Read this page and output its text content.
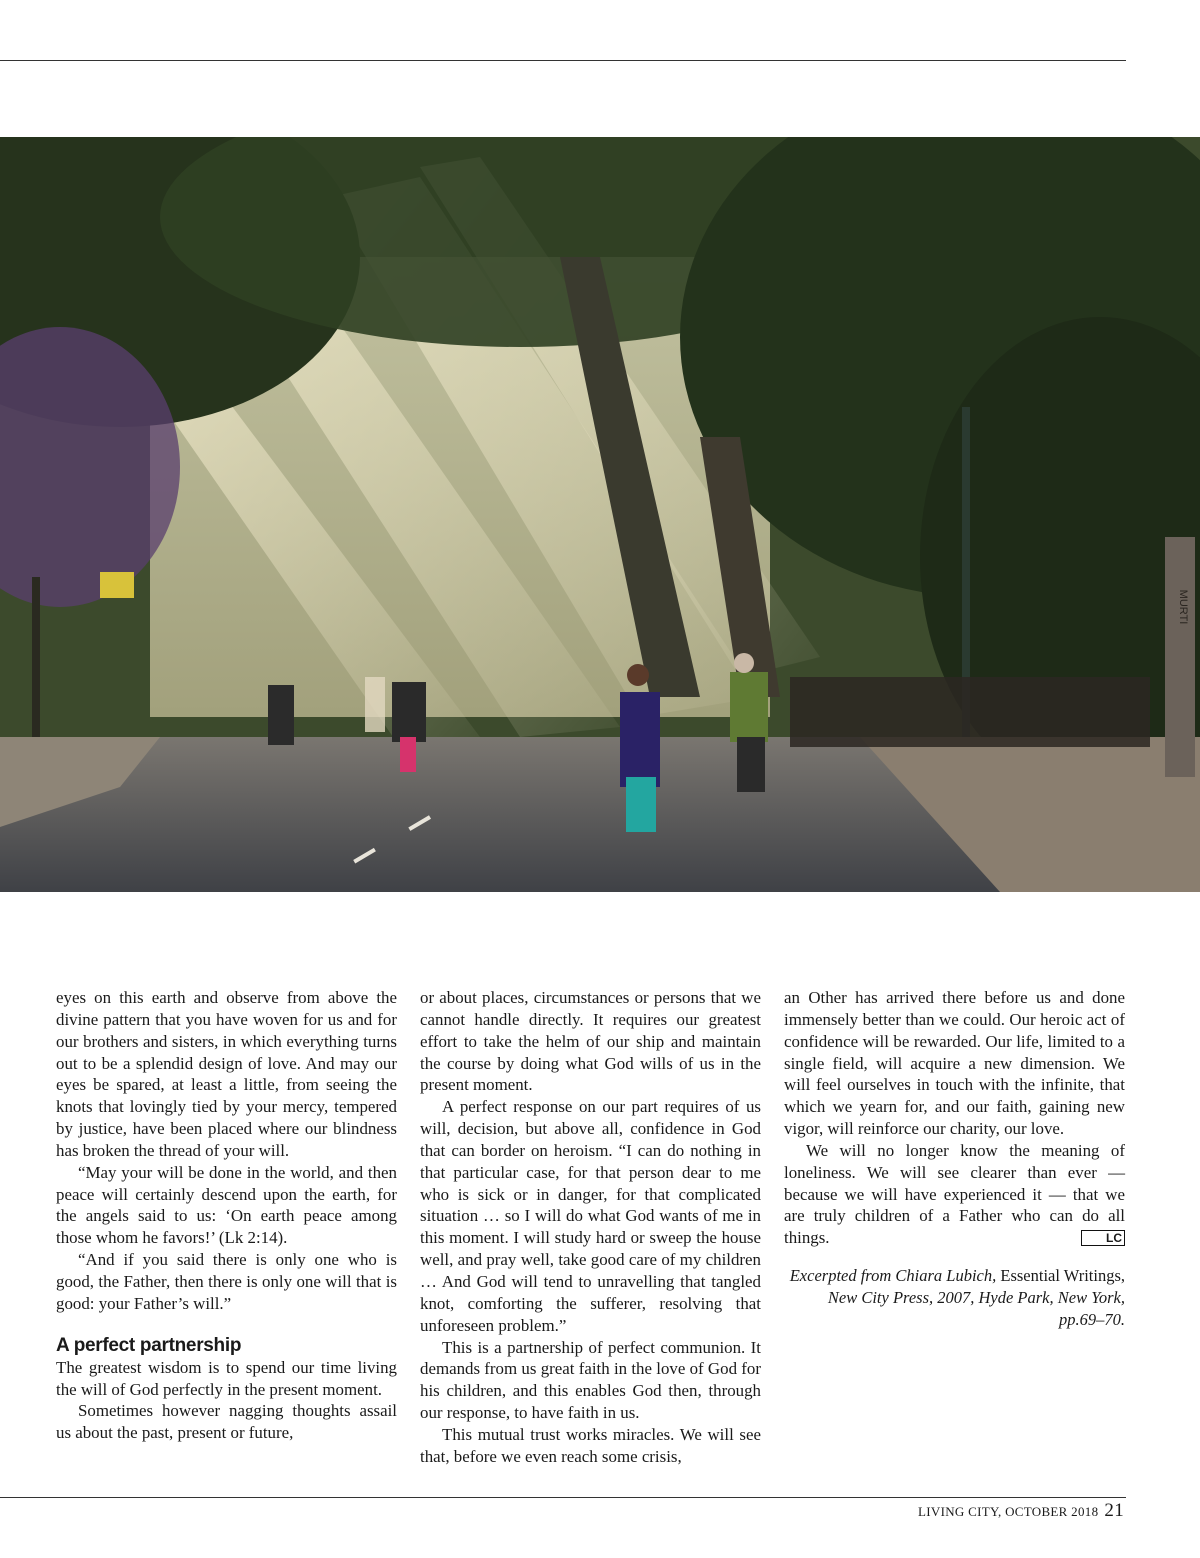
MURTI

eyes on this earth and observe from above the divine pattern that you have woven for us and for our brothers and sisters, in which everything turns out to be a splendid design of love. And may our eyes be spared, at least a little, from seeing the knots that lovingly tied by your mercy, tempered by justice, have been placed where our blindness has broken the thread of your will.

“May your will be done in the world, and then peace will certainly descend upon the earth, for the angels said to us: ‘On earth peace among those whom he favors!’ (Lk 2:14).

“And if you said there is only one who is good, the Father, then there is only one will that is good: your Father’s will.”

A perfect partnership

The greatest wisdom is to spend our time living the will of God perfectly in the present moment.

Sometimes however nagging thoughts assail us about the past, present or future,

or about places, circumstances or persons that we cannot handle directly. It requires our greatest effort to take the helm of our ship and maintain the course by doing what God wills of us in the present moment.

A perfect response on our part requires of us will, decision, but above all, confidence in God that can border on heroism. “I can do nothing in that particular case, for that person dear to me who is sick or in danger, for that complicated situation … so I will do what God wants of me in this moment. I will study hard or sweep the house well, and pray well, take good care of my children … And God will tend to unravelling that tangled knot, comforting the sufferer, resolving that unforeseen problem.”

This is a partnership of perfect communion. It demands from us great faith in the love of God for his children, and this enables God then, through our response, to have faith in us.

This mutual trust works miracles. We will see that, before we even reach some crisis,

an Other has arrived there before us and done immensely better than we could. Our heroic act of confidence will be rewarded. Our life, limited to a single field, will acquire a new dimension. We will feel ourselves in touch with the infinite, that which we yearn for, and our faith, gaining new vigor, will reinforce our charity, our love.

We will no longer know the meaning of loneliness. We will see clearer than ever — because we will have experienced it — that we are truly children of a Father who can do all things.	LC

Excerpted from Chiara Lubich, Essential Writings, New City Press, 2007, Hyde Park, New York, pp.69–70.
LIVING CITY, OCTOBER 2018 21
